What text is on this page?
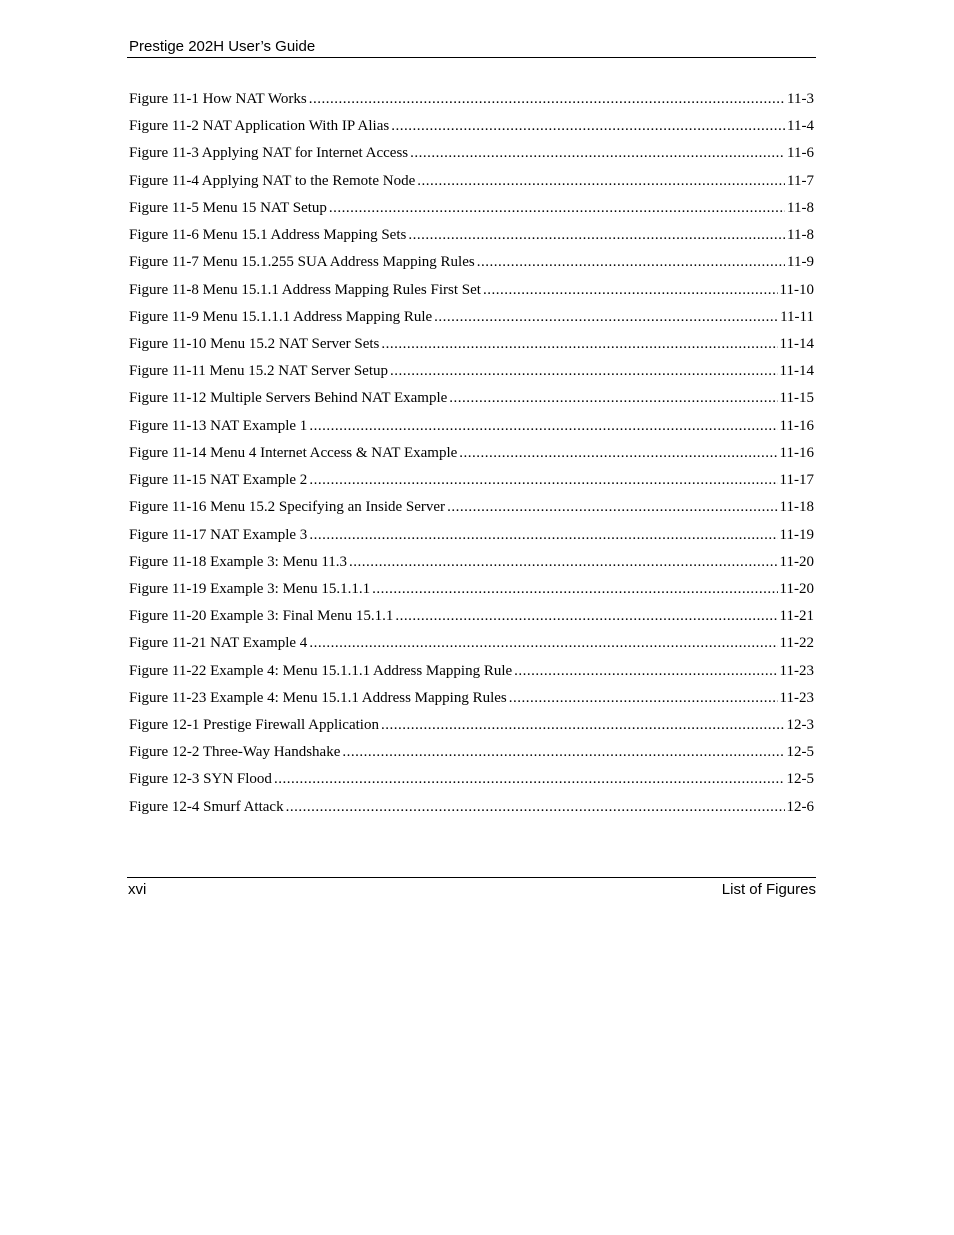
Prestige 202H User’s Guide
Figure 11-1 How NAT Works .....	11-3
Figure 11-2 NAT Application With IP Alias .....	11-4
Figure 11-3 Applying NAT for Internet Access .....	11-6
Figure 11-4 Applying NAT to the Remote Node .....	11-7
Figure 11-5 Menu 15 NAT Setup .....	11-8
Figure 11-6 Menu 15.1 Address Mapping Sets .....	11-8
Figure 11-7 Menu 15.1.255 SUA Address Mapping Rules .....	11-9
Figure 11-8 Menu 15.1.1 Address Mapping Rules First Set .....	11-10
Figure 11-9 Menu 15.1.1.1 Address Mapping Rule .....	11-11
Figure 11-10 Menu 15.2 NAT Server Sets .....	11-14
Figure 11-11 Menu 15.2 NAT Server Setup .....	11-14
Figure 11-12 Multiple Servers Behind NAT Example .....	11-15
Figure 11-13 NAT Example 1 .....	11-16
Figure 11-14 Menu 4 Internet Access & NAT Example .....	11-16
Figure 11-15 NAT Example 2 .....	11-17
Figure 11-16 Menu 15.2 Specifying an Inside Server .....	11-18
Figure 11-17 NAT Example 3 .....	11-19
Figure 11-18 Example 3: Menu 11.3 .....	11-20
Figure 11-19 Example 3: Menu 15.1.1.1 .....	11-20
Figure 11-20 Example 3: Final Menu 15.1.1 .....	11-21
Figure 11-21 NAT Example 4 .....	11-22
Figure 11-22 Example 4: Menu 15.1.1.1 Address Mapping Rule .....	11-23
Figure 11-23 Example 4: Menu 15.1.1 Address Mapping Rules .....	11-23
Figure 12-1 Prestige Firewall Application .....	12-3
Figure 12-2 Three-Way Handshake .....	12-5
Figure 12-3 SYN Flood .....	12-5
Figure 12-4 Smurf Attack .....	12-6
xvi	List of Figures
